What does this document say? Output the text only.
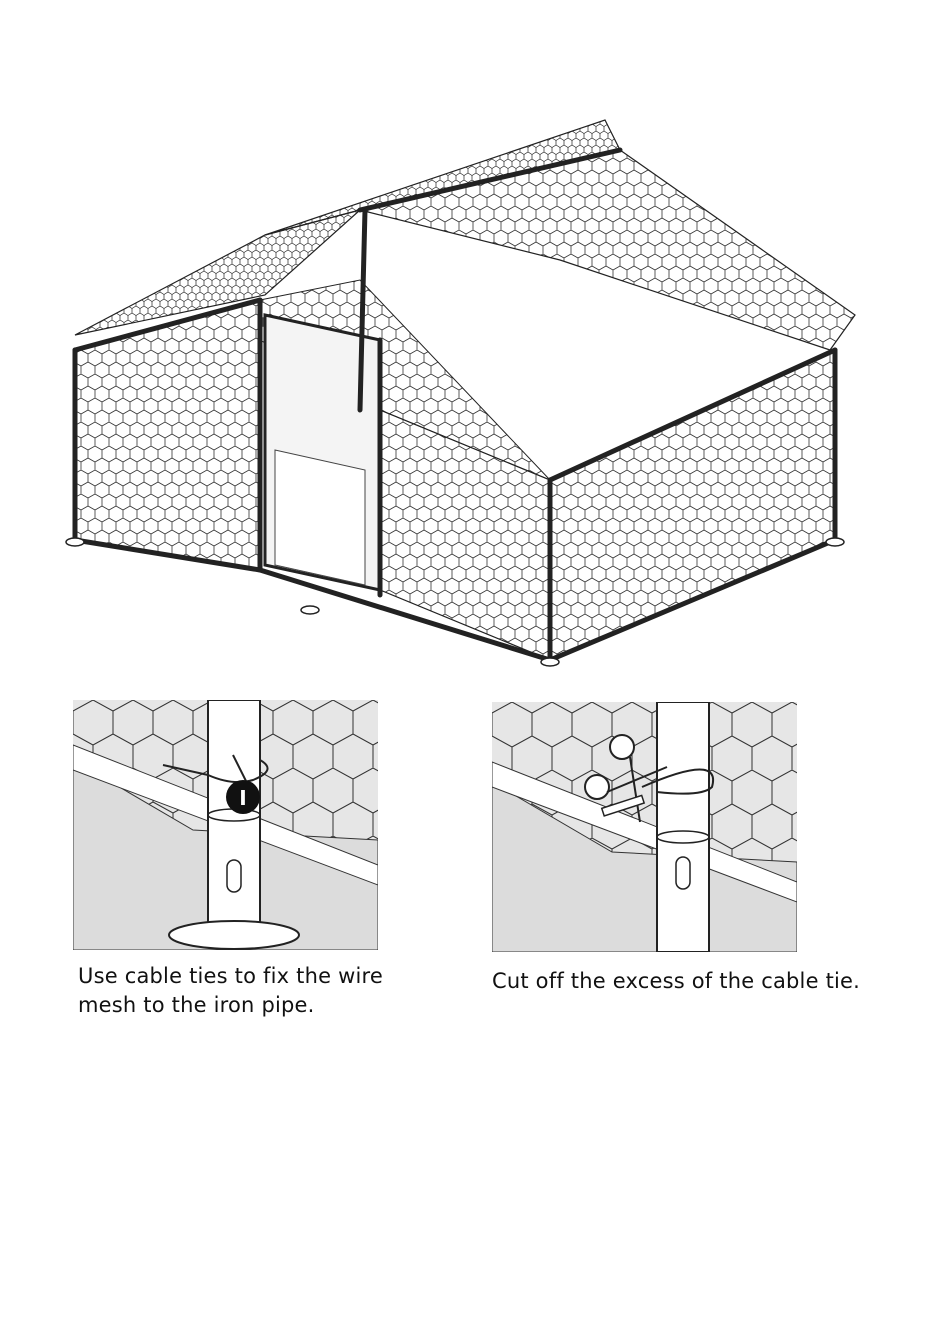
I
Use cable ties to fix the wire mesh to the iron pipe.
Cut off the excess of the cable tie.
